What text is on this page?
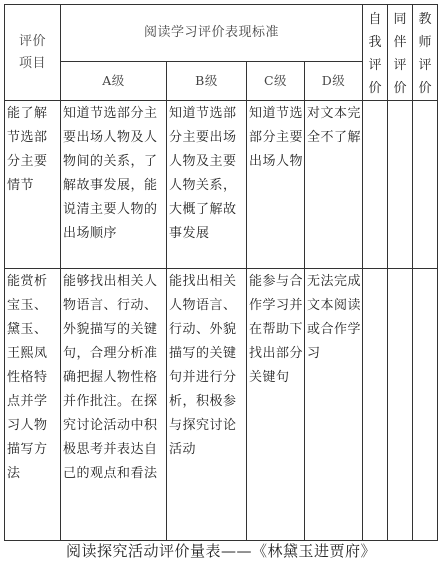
评价项目	阅读学习评价表现标准				自我评价	同伴评价	教师评价

	A级	B级	C级	D级			

能了解节选部分主要情节	知道节选部分主要出场人物及人物间的关系，了解故事发展，能说清主要人物的出场顺序	知道节选部分主要出场人物及主要人物关系，大概了解故事发展	知道节选部分主要出场人物	对文本完全不了解			

能赏析宝玉、黛玉、王熙凤性格特点并学习人物描写方法	能够找出相关人物语言、行动、外貌描写的关键句，合理分析准确把握人物性格并作批注。在探究讨论活动中积极思考并表达自己的观点和看法	能找出相关人物语言、行动、外貌描写的关键句并进行分析，积极参与探究讨论活动	能参与合作学习并在帮助下找出部分关键句	无法完成文本阅读或合作学习			

阅读探究活动评价量表——《林黛玉进贾府》
